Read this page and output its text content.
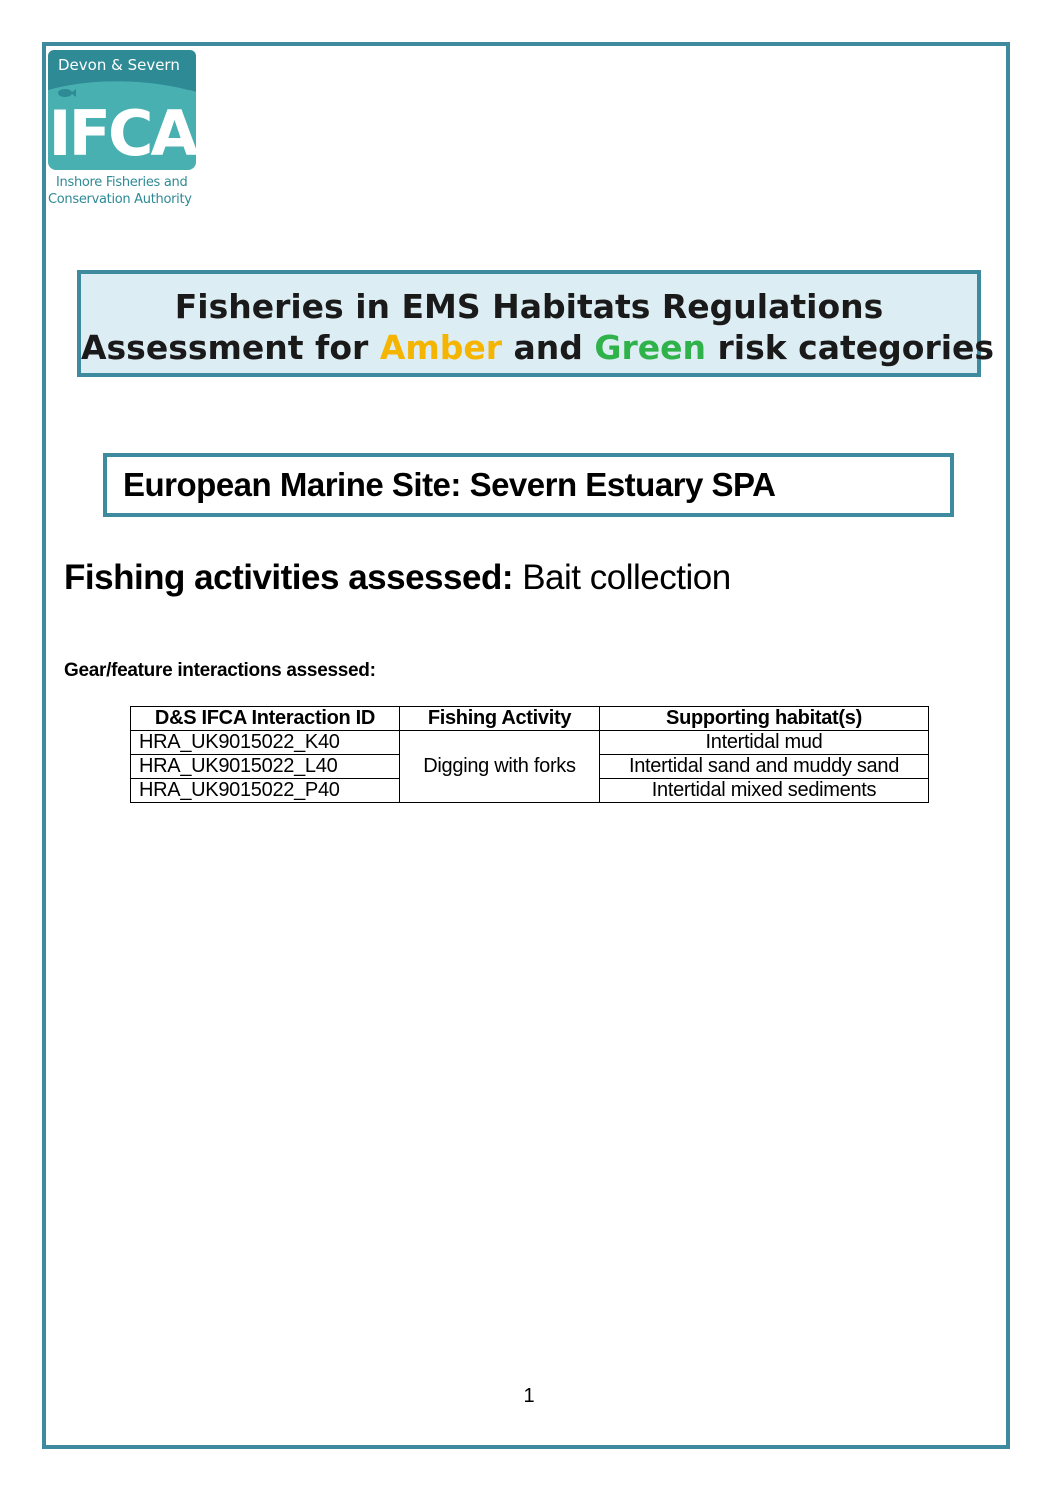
Devon & Severn
IFCA
Inshore Fisheries and
Conservation Authority
Fisheries in EMS Habitats Regulations
Assessment for Amber and Green risk categories
European Marine Site: Severn Estuary SPA
Fishing activities assessed: Bait collection
Gear/feature interactions assessed:
D&S IFCA Interaction ID	Fishing Activity	Supporting habitat(s)
HRA_UK9015022_K40	Digging with forks	Intertidal mud
HRA_UK9015022_L40		Intertidal sand and muddy sand
HRA_UK9015022_P40		Intertidal mixed sediments
1
